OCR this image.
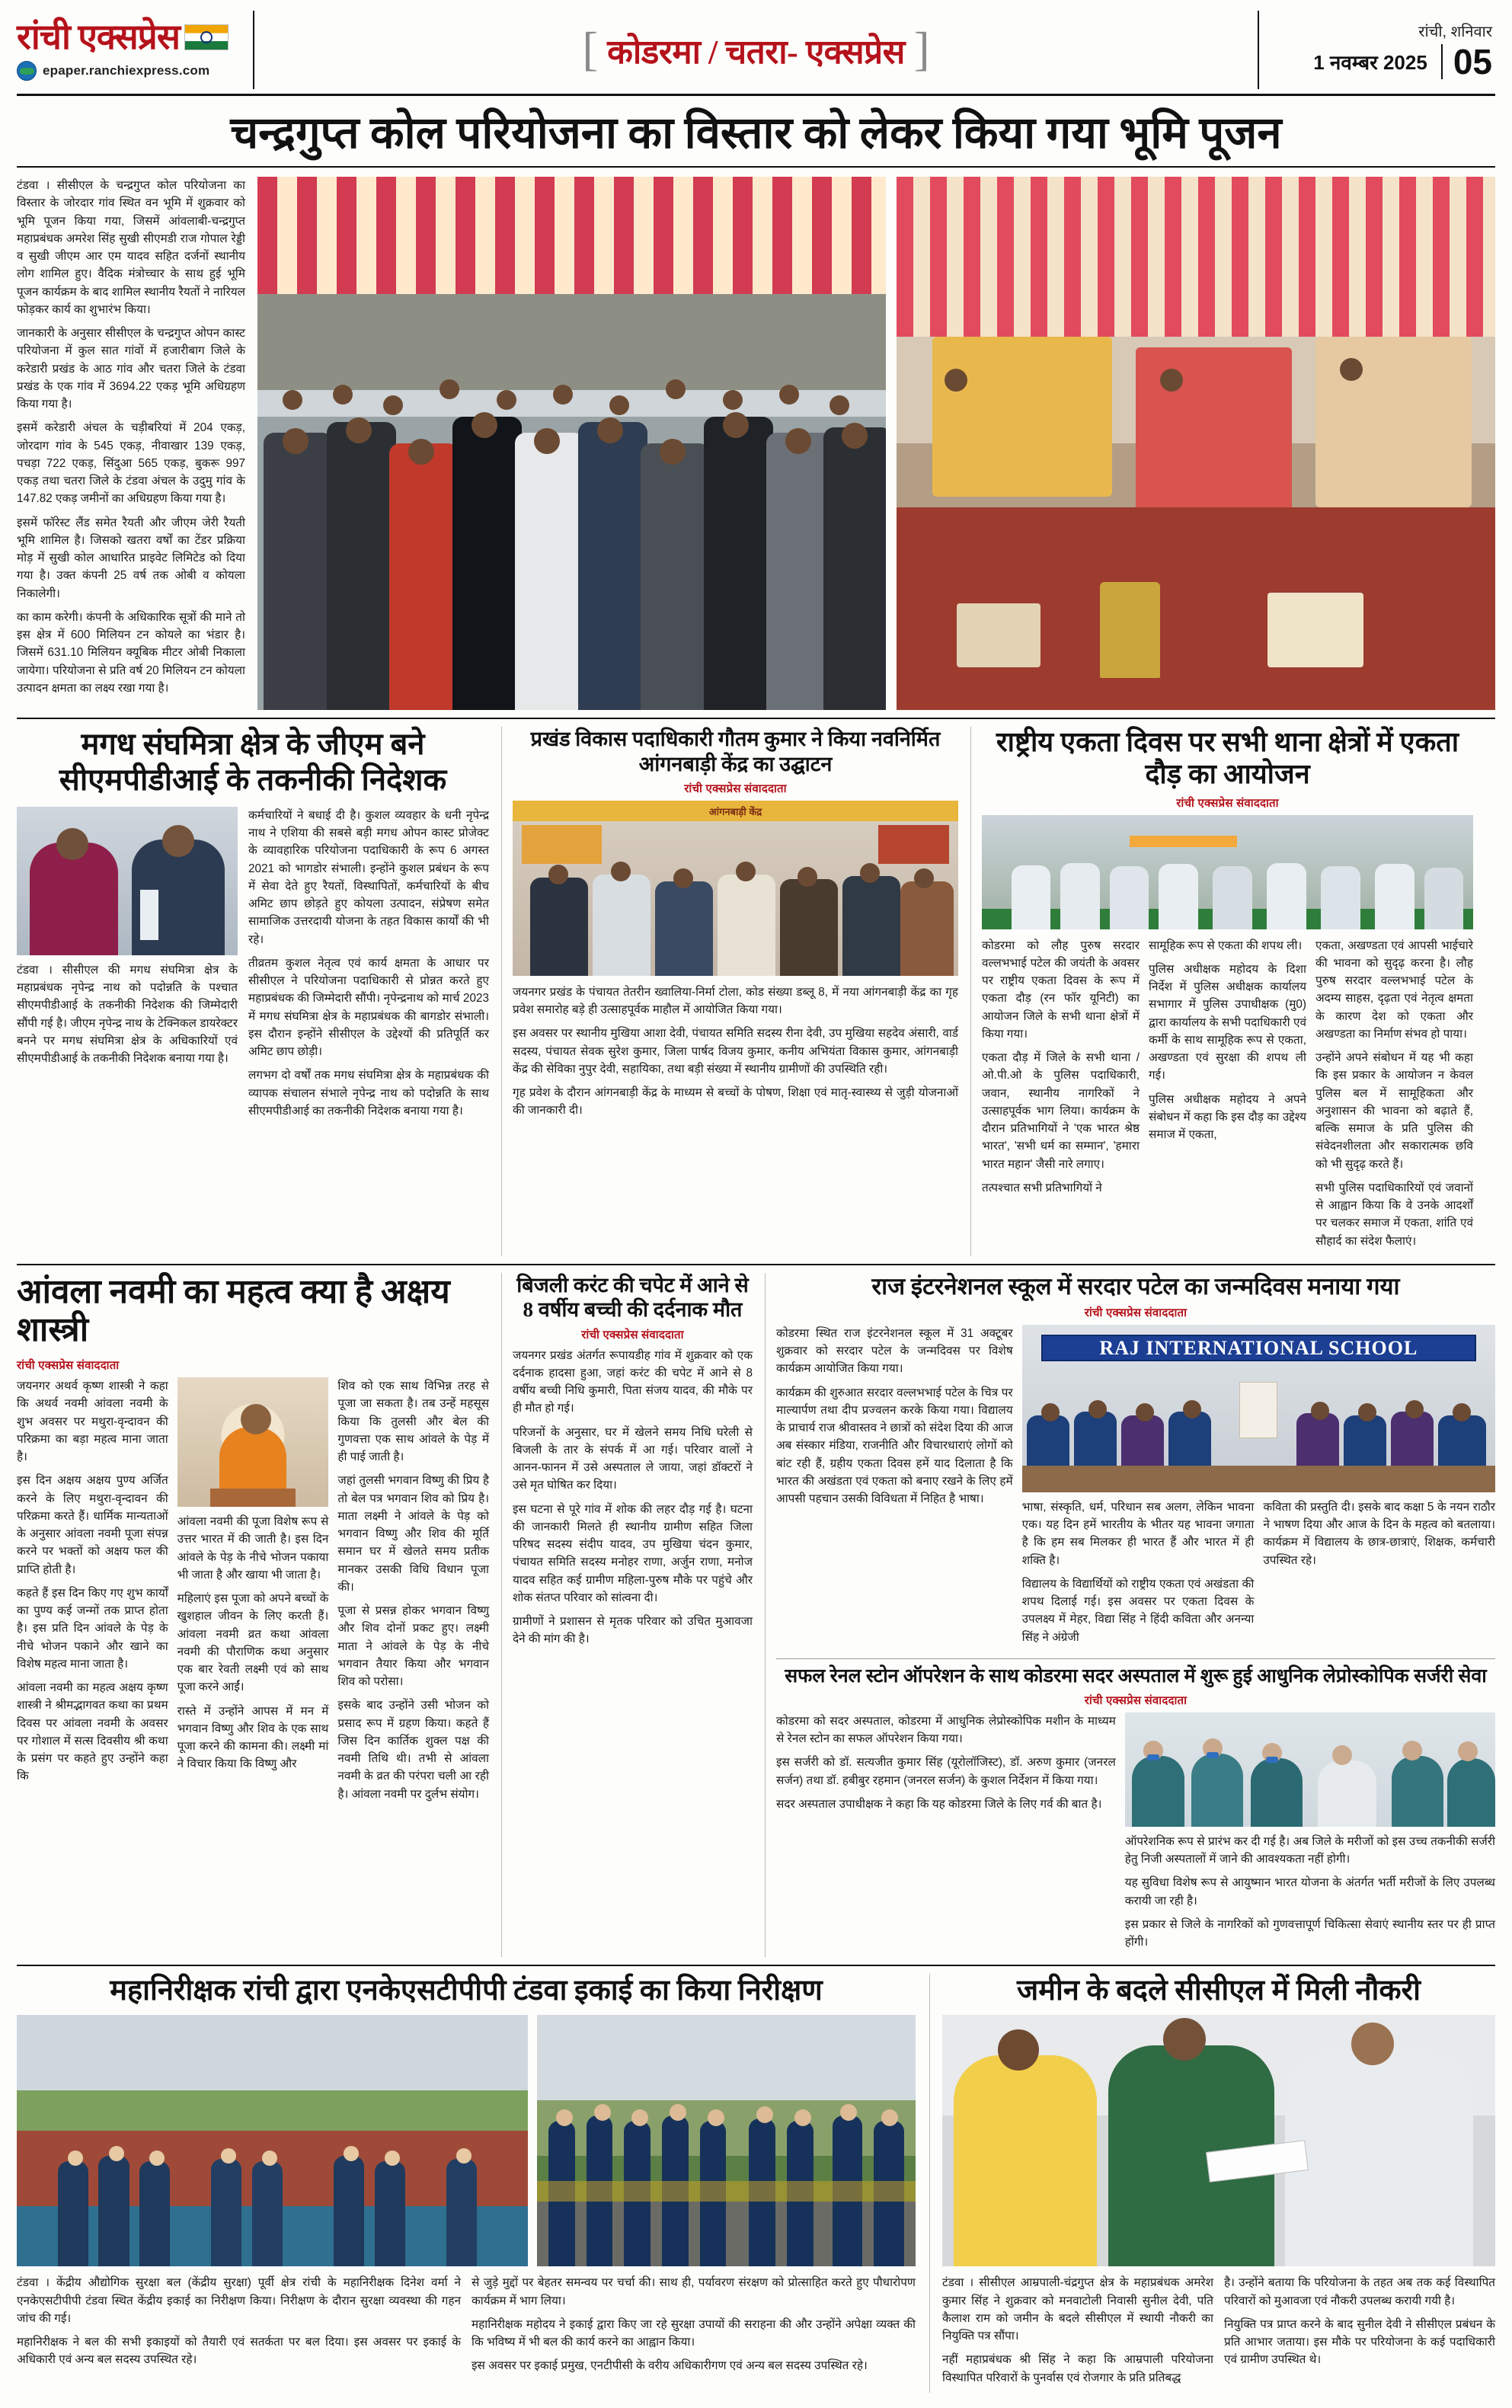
रांची एक्सप्रेस
epaper.ranchiexpress.com	[ कोडरमा / चतरा- एक्सप्रेस ]	रांची, शनिवार
1 नवम्बर 2025 05
चन्द्रगुप्त कोल परियोजना का विस्तार को लेकर किया गया भूमि पूजन

टंडवा । सीसीएल के चन्द्रगुप्त कोल परियोजना का विस्तार के जोरदार गांव स्थित वन भूमि में शुक्रवार को भूमि पूजन किया गया, जिसमें आंवलाबी-चन्द्रगुप्त महाप्रबंधक अमरेश सिंह सुखी सीएमडी राज गोपाल रेड्डी व सुखी जीएम आर एम यादव सहित दर्जनों स्थानीय लोग शामिल हुए। वैदिक मंत्रोच्चार के साथ हुई भूमि पूजन कार्यक्रम के बाद शामिल स्थानीय रैयतों ने नारियल फोड़कर कार्य का शुभारंभ किया।

जानकारी के अनुसार सीसीएल के चन्द्रगुप्त ओपन कास्ट परियोजना में कुल सात गांवों में हजारीबाग जिले के करेडारी प्रखंड के आठ गांव और चतरा जिले के टंडवा प्रखंड के एक गांव में 3694.22 एकड़ भूमि अधिग्रहण किया गया है।

इसमें करेडारी अंचल के चड़ीबरियां में 204 एकड़, जोरदाग गांव के 545 एकड़, नीवाखार 139 एकड़, पचड़ा 722 एकड़, सिंदुआ 565 एकड़, बुकरू 997 एकड़ तथा चतरा जिले के टंडवा अंचल के उदुमु गांव के 147.82 एकड़ जमीनों का अधिग्रहण किया गया है।

इसमें फॉरेस्ट लैंड समेत रैयती और जीएम जेरी रैयती भूमि शामिल है। जिसको खतरा वर्षों का टेंडर प्रक्रिया मोड़ में सुखी कोल आधारित प्राइवेट लिमिटेड को दिया गया है। उक्त कंपनी 25 वर्ष तक ओबी व कोयला निकालेगी।

का काम करेगी। कंपनी के अधिकारिक सूत्रों की माने तो इस क्षेत्र में 600 मिलियन टन कोयले का भंडार है। जिसमें 631.10 मिलियन क्यूबिक मीटर ओबी निकाला जायेगा। परियोजना से प्रति वर्ष 20 मिलियन टन कोयला उत्पादन क्षमता का लक्ष्य रखा गया है।

मगध संघमित्रा क्षेत्र के जीएम बने सीएमपीडीआई के तकनीकी निदेशक

टंडवा । सीसीएल की मगध संघमित्रा क्षेत्र के महाप्रबंधक नृपेन्द्र नाथ को पदोन्नति के पश्चात सीएमपीडीआई के तकनीकी निदेशक की जिम्मेदारी सौंपी गई है। जीएम नृपेन्द्र नाथ के टेक्निकल डायरेक्टर बनने पर मगध संघमित्रा क्षेत्र के अधिकारियों एवं सीएमपीडीआई के तकनीकी निदेशक बनाया गया है।

कर्मचारियों ने बधाई दी है। कुशल व्यवहार के धनी नृपेन्द्र नाथ ने एशिया की सबसे बड़ी मगध ओपन कास्ट प्रोजेक्ट के व्यावहारिक परियोजना पदाधिकारी के रूप 6 अगस्त 2021 को भागडोर संभाली। इन्होंने कुशल प्रबंधन के रूप में सेवा देते हुए रैयतों, विस्थापितों, कर्मचारियों के बीच अमिट छाप छोड़ते हुए कोयला उत्पादन, संप्रेषण समेत सामाजिक उत्तरदायी योजना के तहत विकास कार्यों की भी रहे।

तीव्रतम कुशल नेतृत्व एवं कार्य क्षमता के आधार पर सीसीएल ने परियोजना पदाधिकारी से प्रोन्नत करते हुए महाप्रबंधक की जिम्मेदारी सौंपी। नृपेन्द्रनाथ को मार्च 2023 में मगध संघमित्रा क्षेत्र के महाप्रबंधक की बागडोर संभाली। इस दौरान इन्होंने सीसीएल के उद्देश्यों की प्रतिपूर्ति कर अमिट छाप छोड़ी।

लगभग दो वर्षों तक मगध संघमित्रा क्षेत्र के महाप्रबंधक की व्यापक संचालन संभाले नृपेन्द्र नाथ को पदोन्नति के साथ सीएमपीडीआई का तकनीकी निदेशक बनाया गया है।

प्रखंड विकास पदाधिकारी गौतम कुमार ने किया नवनिर्मित आंगनबाड़ी केंद्र का उद्घाटन
रांची एक्सप्रेस संवाददाता
आंगनबाड़ी केंद्र

जयनगर प्रखंड के पंचायत तेतरीन ख्वालिया-निर्मा टोला, कोड संख्या डब्लू 8, में नया आंगनबाड़ी केंद्र का गृह प्रवेश समारोह बड़े ही उत्साहपूर्वक माहौल में आयोजित किया गया।

इस अवसर पर स्थानीय मुखिया आशा देवी, पंचायत समिति सदस्य रीना देवी, उप मुखिया सहदेव अंसारी, वार्ड सदस्य, पंचायत सेवक सुरेश कुमार, जिला पार्षद विजय कुमार, कनीय अभियंता विकास कुमार, आंगनबाड़ी केंद्र की सेविका नुपुर देवी, सहायिका, तथा बड़ी संख्या में स्थानीय ग्रामीणों की उपस्थिति रही।

गृह प्रवेश के दौरान आंगनबाड़ी केंद्र के माध्यम से बच्चों के पोषण, शिक्षा एवं मातृ-स्वास्थ्य से जुड़ी योजनाओं की जानकारी दी।

राष्ट्रीय एकता दिवस पर सभी थाना क्षेत्रों में एकता दौड़ का आयोजन
रांची एक्सप्रेस संवाददाता

कोडरमा को लौह पुरुष सरदार वल्लभभाई पटेल की जयंती के अवसर पर राष्ट्रीय एकता दिवस के रूप में एकता दौड़ (रन फॉर यूनिटी) का आयोजन जिले के सभी थाना क्षेत्रों में किया गया।

एकता दौड़ में जिले के सभी थाना / ओ.पी.ओ के पुलिस पदाधिकारी, जवान, स्थानीय नागरिकों ने उत्साहपूर्वक भाग लिया। कार्यक्रम के दौरान प्रतिभागियों ने 'एक भारत श्रेष्ठ भारत', 'सभी धर्म का सम्मान', 'हमारा भारत महान' जैसी नारे लगाए।

तत्पश्चात सभी प्रतिभागियों ने

सामूहिक रूप से एकता की शपथ ली।

पुलिस अधीक्षक महोदय के दिशा निर्देश में पुलिस अधीक्षक कार्यालय सभागार में पुलिस उपाधीक्षक (मु0) द्वारा कार्यालय के सभी पदाधिकारी एवं कर्मी के साथ सामूहिक रूप से एकता, अखण्डता एवं सुरक्षा की शपथ ली गई।

पुलिस अधीक्षक महोदय ने अपने संबोधन में कहा कि इस दौड़ का उद्देश्य समाज में एकता,

एकता, अखण्डता एवं आपसी भाईचारे की भावना को सुदृढ़ करना है। लौह पुरुष सरदार वल्लभभाई पटेल के अदम्य साहस, दृढ़ता एवं नेतृत्व क्षमता के कारण देश को एकता और अखण्डता का निर्माण संभव हो पाया।

उन्होंने अपने संबोधन में यह भी कहा कि इस प्रकार के आयोजन न केवल पुलिस बल में सामूहिकता और अनुशासन की भावना को बढ़ाते हैं, बल्कि समाज के प्रति पुलिस की संवेदनशीलता और सकारात्मक छवि को भी सुदृढ़ करते हैं।

सभी पुलिस पदाधिकारियों एवं जवानों से आह्वान किया कि वे उनके आदर्शों पर चलकर समाज में एकता, शांति एवं सौहार्द का संदेश फैलाएं।

आंवला नवमी का महत्व क्या है अक्षय शास्त्री
रांची एक्सप्रेस संवाददाता

जयनगर अथर्व कृष्ण शास्त्री ने कहा कि अथर्व नवमी आंवला नवमी के शुभ अवसर पर मथुरा-वृन्दावन की परिक्रमा का बड़ा महत्व माना जाता है।

इस दिन अक्षय अक्षय पुण्य अर्जित करने के लिए मथुरा-वृन्दावन की परिक्रमा करते हैं। धार्मिक मान्यताओं के अनुसार आंवला नवमी पूजा संपन्न करने पर भक्तों को अक्षय फल की प्राप्ति होती है।

कहते हैं इस दिन किए गए शुभ कार्यों का पुण्य कई जन्मों तक प्राप्त होता है। इस प्रति दिन आंवले के पेड़ के नीचे भोजन पकाने और खाने का विशेष महत्व माना जाता है।

आंवला नवमी का महत्व अक्षय कृष्ण शास्त्री ने श्रीमद्भागवत कथा का प्रथम दिवस पर आंवला नवमी के अवसर पर गोशाल में सत्स दिवसीय श्री कथा के प्रसंग पर कहते हुए उन्होंने कहा कि

आंवला नवमी की पूजा विशेष रूप से उत्तर भारत में की जाती है। इस दिन आंवले के पेड़ के नीचे भोजन पकाया भी जाता है और खाया भी जाता है।

महिलाएं इस पूजा को अपने बच्चों के खुशहाल जीवन के लिए करती हैं। आंवला नवमी व्रत कथा आंवला नवमी की पौराणिक कथा अनुसार एक बार रेवती लक्ष्मी एवं को साथ पूजा करने आईं।

रास्ते में उन्होंने आपस में मन में भगवान विष्णु और शिव के एक साथ पूजा करने की कामना की। लक्ष्मी मां ने विचार किया कि विष्णु और

शिव को एक साथ विभिन्न तरह से पूजा जा सकता है। तब उन्हें महसूस किया कि तुलसी और बेल की गुणवत्ता एक साथ आंवले के पेड़ में ही पाई जाती है।

जहां तुलसी भगवान विष्णु की प्रिय है तो बेल पत्र भगवान शिव को प्रिय है। माता लक्ष्मी ने आंवले के पेड़ को भगवान विष्णु और शिव की मूर्ति समान घर में खेलते समय प्रतीक मानकर उसकी विधि विधान पूजा की।

पूजा से प्रसन्न होकर भगवान विष्णु और शिव दोनों प्रकट हुए। लक्ष्मी माता ने आंवले के पेड़ के नीचे भगवान तैयार किया और भगवान शिव को परोसा।

इसके बाद उन्होंने उसी भोजन को प्रसाद रूप में ग्रहण किया। कहते हैं जिस दिन कार्तिक शुक्ल पक्ष की नवमी तिथि थी। तभी से आंवला नवमी के व्रत की परंपरा चली आ रही है। आंवला नवमी पर दुर्लभ संयोग।

बिजली करंट की चपेट में आने से 8 वर्षीय बच्ची की दर्दनाक मौत
रांची एक्सप्रेस संवाददाता

जयनगर प्रखंड अंतर्गत रूपायडीह गांव में शुक्रवार को एक दर्दनाक हादसा हुआ, जहां करंट की चपेट में आने से 8 वर्षीय बच्ची निधि कुमारी, पिता संजय यादव, की मौके पर ही मौत हो गई।

परिजनों के अनुसार, घर में खेलने समय निधि घरेली से बिजली के तार के संपर्क में आ गई। परिवार वालों ने आनन-फानन में उसे अस्पताल ले जाया, जहां डॉक्टरों ने उसे मृत घोषित कर दिया।

इस घटना से पूरे गांव में शोक की लहर दौड़ गई है। घटना की जानकारी मिलते ही स्थानीय ग्रामीण सहित जिला परिषद सदस्य संदीप यादव, उप मुखिया चंदन कुमार, पंचायत समिति सदस्य मनोहर राणा, अर्जुन राणा, मनोज यादव सहित कई ग्रामीण महिला-पुरुष मौके पर पहुंचे और शोक संतप्त परिवार को सांत्वना दी।

ग्रामीणों ने प्रशासन से मृतक परिवार को उचित मुआवजा देने की मांग की है।

राज इंटरनेशनल स्कूल में सरदार पटेल का जन्मदिवस मनाया गया
रांची एक्सप्रेस संवाददाता

कोडरमा स्थित राज इंटरनेशनल स्कूल में 31 अक्टूबर शुक्रवार को सरदार पटेल के जन्मदिवस पर विशेष कार्यक्रम आयोजित किया गया।

कार्यक्रम की शुरुआत सरदार वल्लभभाई पटेल के चित्र पर माल्यार्पण तथा दीप प्रज्वलन करके किया गया। विद्यालय के प्राचार्य राज श्रीवास्तव ने छात्रों को संदेश दिया की आज अब संस्कार मंडिया, राजनीति और विचारधाराएं लोगों को बांट रही हैं, ग्रहीय एकता दिवस हमें याद दिलाता है कि भारत की अखंडता एवं एकता को बनाए रखने के लिए हमें आपसी पहचान उसकी विविधता में निहित है भाषा।

RAJ INTERNATIONAL SCHOOL

भाषा, संस्कृति, धर्म, परिधान सब अलग, लेकिन भावना एक। यह दिन हमें भारतीय के भीतर यह भावना जगाता है कि हम सब मिलकर ही भारत हैं और भारत में ही शक्ति है।

विद्यालय के विद्यार्थियों को राष्ट्रीय एकता एवं अखंडता की शपथ दिलाई गई। इस अवसर पर एकता दिवस के उपलक्ष्य में मेहर, विद्या सिंह ने हिंदी कविता और अनन्या सिंह ने अंग्रेजी

कविता की प्रस्तुति दी। इसके बाद कक्षा 5 के नयन राठौर ने भाषण दिया और आज के दिन के महत्व को बतलाया। कार्यक्रम में विद्यालय के छात्र-छात्राएं, शिक्षक, कर्मचारी उपस्थित रहे।

सफल रेनल स्टोन ऑपरेशन के साथ कोडरमा सदर अस्पताल में शुरू हुई आधुनिक लेप्रोस्कोपिक सर्जरी सेवा
रांची एक्सप्रेस संवाददाता

कोडरमा को सदर अस्पताल, कोडरमा में आधुनिक लेप्रोस्कोपिक मशीन के माध्यम से रेनल स्टोन का सफल ऑपरेशन किया गया।

इस सर्जरी को डॉ. सत्यजीत कुमार सिंह (यूरोलॉजिस्ट), डॉ. अरुण कुमार (जनरल सर्जन) तथा डॉ. हबीबुर रहमान (जनरल सर्जन) के कुशल निर्देशन में किया गया।

सदर अस्पताल उपाधीक्षक ने कहा कि यह कोडरमा जिले के लिए गर्व की बात है।

ऑपरेशनिक रूप से प्रारंभ कर दी गई है। अब जिले के मरीजों को इस उच्च तकनीकी सर्जरी हेतु निजी अस्पतालों में जाने की आवश्यकता नहीं होगी।

यह सुविधा विशेष रूप से आयुष्मान भारत योजना के अंतर्गत भर्ती मरीजों के लिए उपलब्ध करायी जा रही है।

इस प्रकार से जिले के नागरिकों को गुणवत्तापूर्ण चिकित्सा सेवाएं स्थानीय स्तर पर ही प्राप्त होंगी।

महानिरीक्षक रांची द्वारा एनकेएसटीपीपी टंडवा इकाई का किया निरीक्षण

टंडवा । केंद्रीय औद्योगिक सुरक्षा बल (केंद्रीय सुरक्षा) पूर्वी क्षेत्र रांची के महानिरीक्षक दिनेश वर्मा ने एनकेएसटीपीपी टंडवा स्थित केंद्रीय इकाई का निरीक्षण किया। निरीक्षण के दौरान सुरक्षा व्यवस्था की गहन जांच की गई।

महानिरीक्षक ने बल की सभी इकाइयों को तैयारी एवं सतर्कता पर बल दिया। इस अवसर पर इकाई के अधिकारी एवं अन्य बल सदस्य उपस्थित रहे।

से जुड़े मुद्दों पर बेहतर समन्वय पर चर्चा की। साथ ही, पर्यावरण संरक्षण को प्रोत्साहित करते हुए पौधारोपण कार्यक्रम में भाग लिया।

महानिरीक्षक महोदय ने इकाई द्वारा किए जा रहे सुरक्षा उपायों की सराहना की और उन्होंने अपेक्षा व्यक्त की कि भविष्य में भी बल की कार्य करने का आह्वान किया।

इस अवसर पर इकाई प्रमुख, एनटीपीसी के वरीय अधिकारीगण एवं अन्य बल सदस्य उपस्थित रहे।

जमीन के बदले सीसीएल में मिली नौकरी

टंडवा । सीसीएल आम्रपाली-चंद्रगुप्त क्षेत्र के महाप्रबंधक अमरेश कुमार सिंह ने शुक्रवार को मनवाटोली निवासी सुनील देवी, पति कैलाश राम को जमीन के बदले सीसीएल में स्थायी नौकरी का नियुक्ति पत्र सौंपा।

नहीं महाप्रबंधक श्री सिंह ने कहा कि आम्रपाली परियोजना विस्थापित परिवारों के पुनर्वास एवं रोजगार के प्रति प्रतिबद्ध

है। उन्होंने बताया कि परियोजना के तहत अब तक कई विस्थापित परिवारों को मुआवजा एवं नौकरी उपलब्ध करायी गयी है।

नियुक्ति पत्र प्राप्त करने के बाद सुनील देवी ने सीसीएल प्रबंधन के प्रति आभार जताया। इस मौके पर परियोजना के कई पदाधिकारी एवं ग्रामीण उपस्थित थे।
